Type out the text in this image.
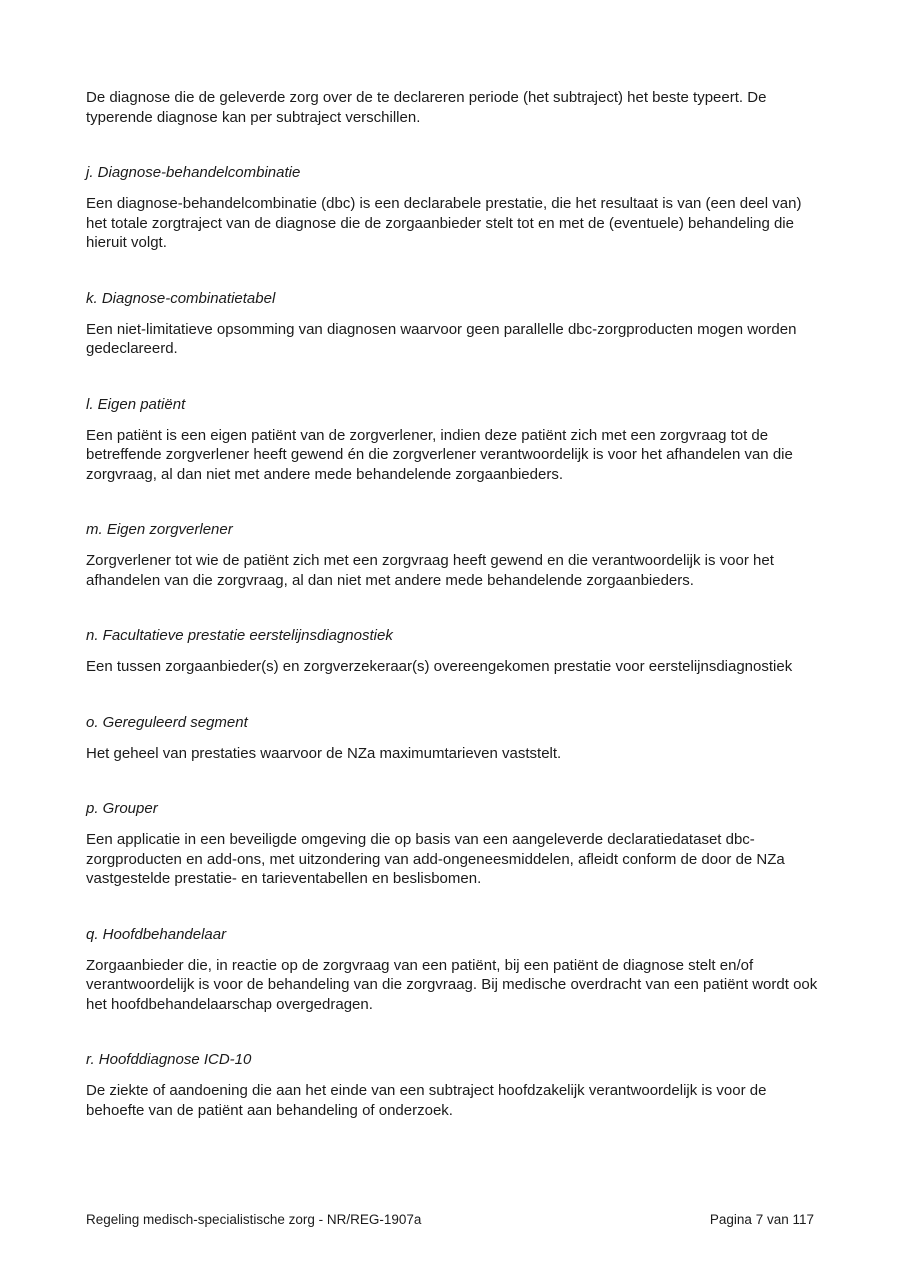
De diagnose die de geleverde zorg over de te declareren periode (het subtraject) het beste typeert. De typerende diagnose kan per subtraject verschillen.

j. Diagnose-behandelcombinatie

Een diagnose-behandelcombinatie (dbc) is een declarabele prestatie, die het resultaat is van (een deel van) het totale zorgtraject van de diagnose die de zorgaanbieder stelt tot en met de (eventuele) behandeling die hieruit volgt.

k. Diagnose-combinatietabel

Een niet-limitatieve opsomming van diagnosen waarvoor geen parallelle dbc-zorgproducten mogen worden gedeclareerd.

l. Eigen patiënt

Een patiënt is een eigen patiënt van de zorgverlener, indien deze patiënt zich met een zorgvraag tot de betreffende zorgverlener heeft gewend én die zorgverlener verantwoordelijk is voor het afhandelen van die zorgvraag, al dan niet met andere mede behandelende zorgaanbieders.

m. Eigen zorgverlener

Zorgverlener tot wie de patiënt zich met een zorgvraag heeft gewend en die verantwoordelijk is voor het afhandelen van die zorgvraag, al dan niet met andere mede behandelende zorgaanbieders.

n. Facultatieve prestatie eerstelijnsdiagnostiek

Een tussen zorgaanbieder(s) en zorgverzekeraar(s) overeengekomen prestatie voor eerstelijnsdiagnostiek

o. Gereguleerd segment

Het geheel van prestaties waarvoor de NZa maximumtarieven vaststelt.

p. Grouper

Een applicatie in een beveiligde omgeving die op basis van een aangeleverde declaratiedataset dbc-zorgproducten en add-ons, met uitzondering van add-ongeneesmiddelen, afleidt conform de door de NZa vastgestelde prestatie- en tarieventabellen en beslisbomen.

q. Hoofdbehandelaar

Zorgaanbieder die, in reactie op de zorgvraag van een patiënt, bij een patiënt de diagnose stelt en/of verantwoordelijk is voor de behandeling van die zorgvraag. Bij medische overdracht van een patiënt wordt ook het hoofdbehandelaarschap overgedragen.

r. Hoofddiagnose ICD-10

De ziekte of aandoening die aan het einde van een subtraject hoofdzakelijk verantwoordelijk is voor de behoefte van de patiënt aan behandeling of onderzoek.

Regeling medisch-specialistische zorg - NR/REG-1907a	Pagina 7 van 117
